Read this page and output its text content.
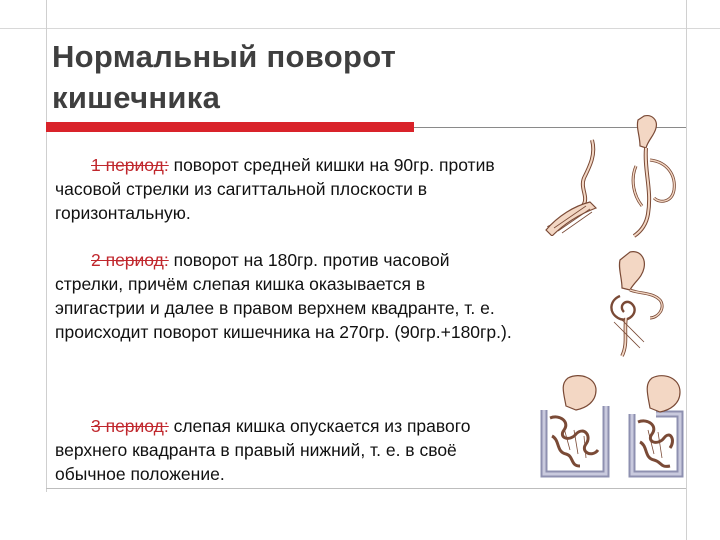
Нормальный поворот кишечника
1 период: поворот средней кишки на 90гр. против часовой стрелки из сагиттальной плоскости в горизонтальную.
2 период: поворот на 180гр. против часовой стрелки, причём слепая кишка оказывается в эпигастрии и далее в правом верхнем квадранте, т. е. происходит поворот кишечника на 270гр. (90гр.+180гр.).
3 период: слепая кишка опускается из правого верхнего квадранта в правый нижний, т. е. в своё обычное положение.
